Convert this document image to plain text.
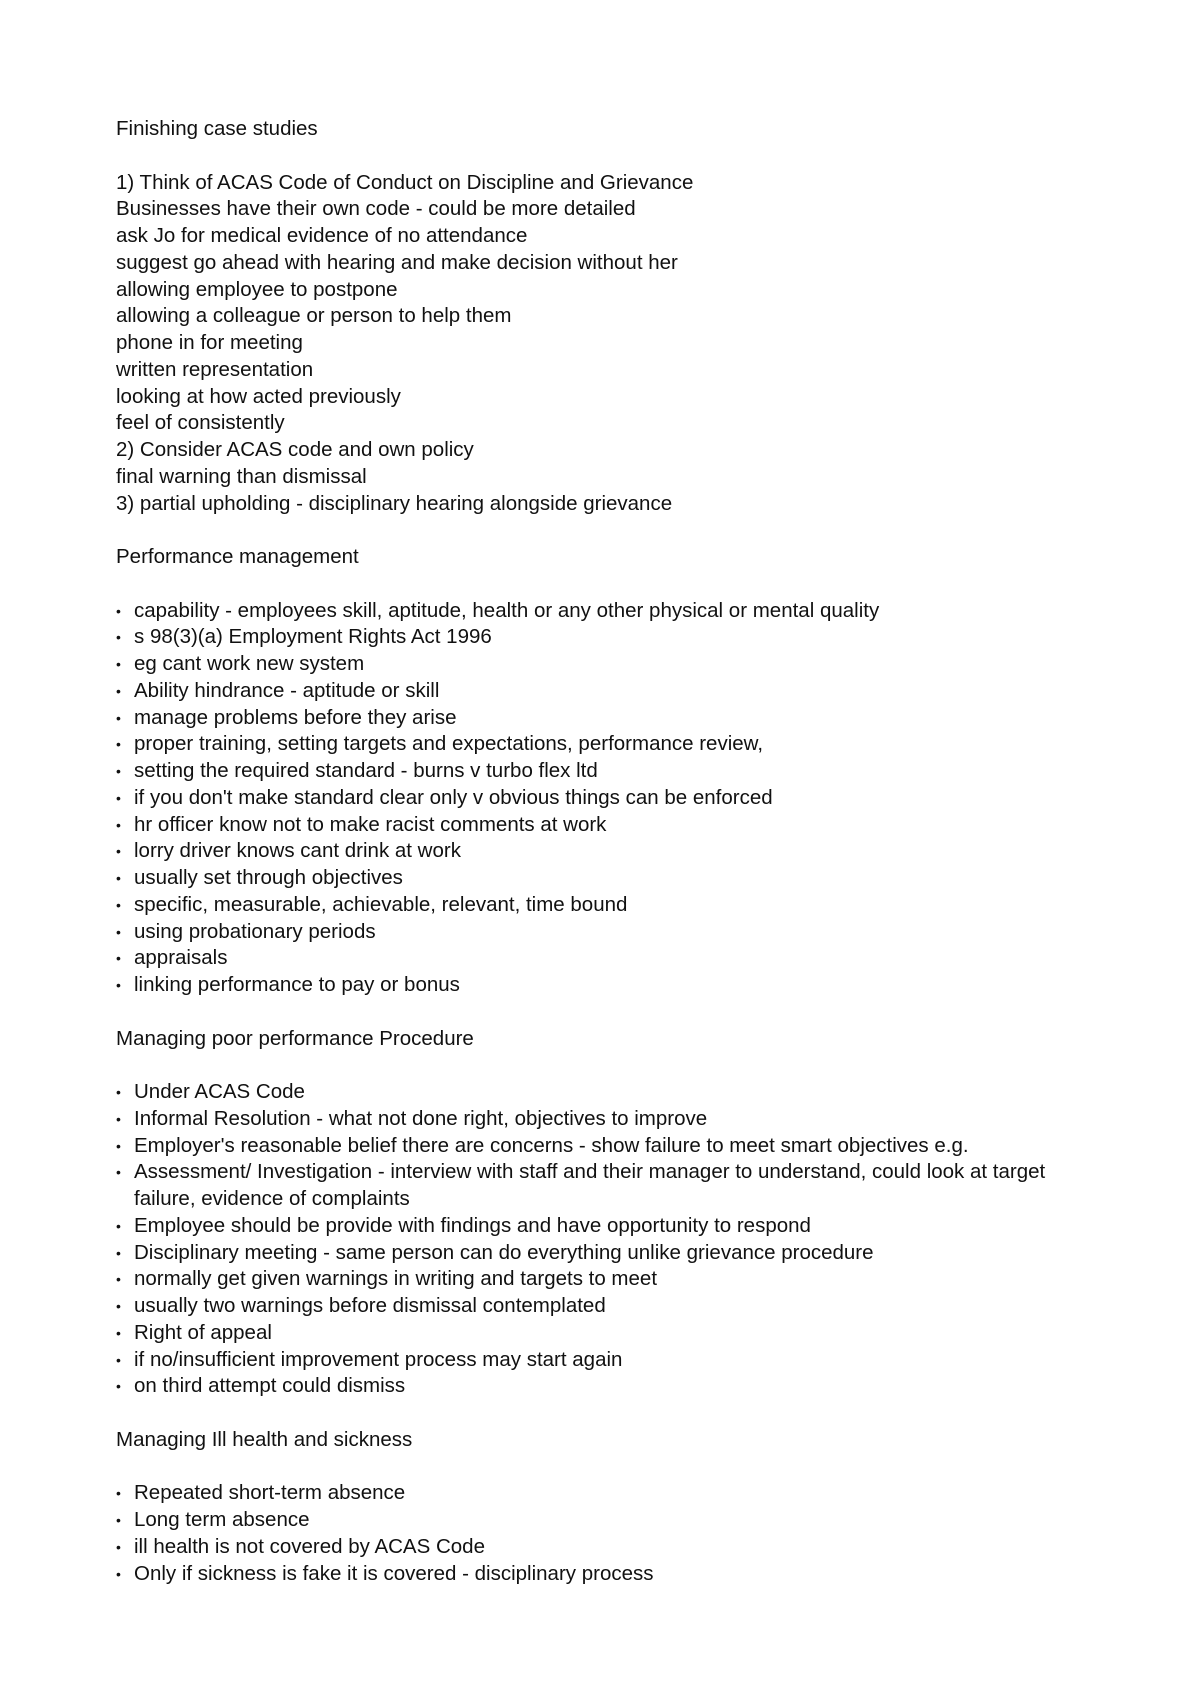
Finishing case studies
1) Think of ACAS Code of Conduct on Discipline and Grievance
Businesses have their own code - could be more detailed
ask Jo for medical evidence of no attendance
suggest go ahead with hearing and make decision without her
allowing employee to postpone
allowing a colleague or person to help them
phone in for meeting
written representation
looking at how acted previously
feel of consistently
2) Consider ACAS code and own policy
final warning than dismissal
3) partial upholding - disciplinary hearing alongside grievance
Performance management
• capability - employees skill, aptitude, health or any other physical or mental quality
• s 98(3)(a) Employment Rights Act 1996
• eg cant work new system
• Ability hindrance - aptitude or skill
• manage problems before they arise
• proper training, setting targets and expectations, performance review,
• setting the required standard - burns v turbo flex ltd
• if you don't make standard clear only v obvious things can be enforced
• hr officer know not to make racist comments at work
• lorry driver knows cant drink at work
• usually set through objectives
• specific, measurable, achievable, relevant, time bound
• using probationary periods
• appraisals
• linking performance to pay or bonus
Managing poor performance Procedure
• Under ACAS Code
• Informal Resolution - what not done right, objectives to improve
• Employer's reasonable belief there are concerns - show failure to meet smart objectives e.g.
• Assessment/ Investigation - interview with staff and their manager to understand, could look at target failure, evidence of complaints
• Employee should be provide with findings and have opportunity to respond
• Disciplinary meeting - same person can do everything unlike grievance procedure
• normally get given warnings in writing and targets to meet
• usually two warnings before dismissal contemplated
• Right of appeal
• if no/insufficient improvement process may start again
• on third attempt could dismiss
Managing Ill health and sickness
• Repeated short-term absence
• Long term absence
• ill health is not covered by ACAS Code
• Only if sickness is fake it is covered - disciplinary process
